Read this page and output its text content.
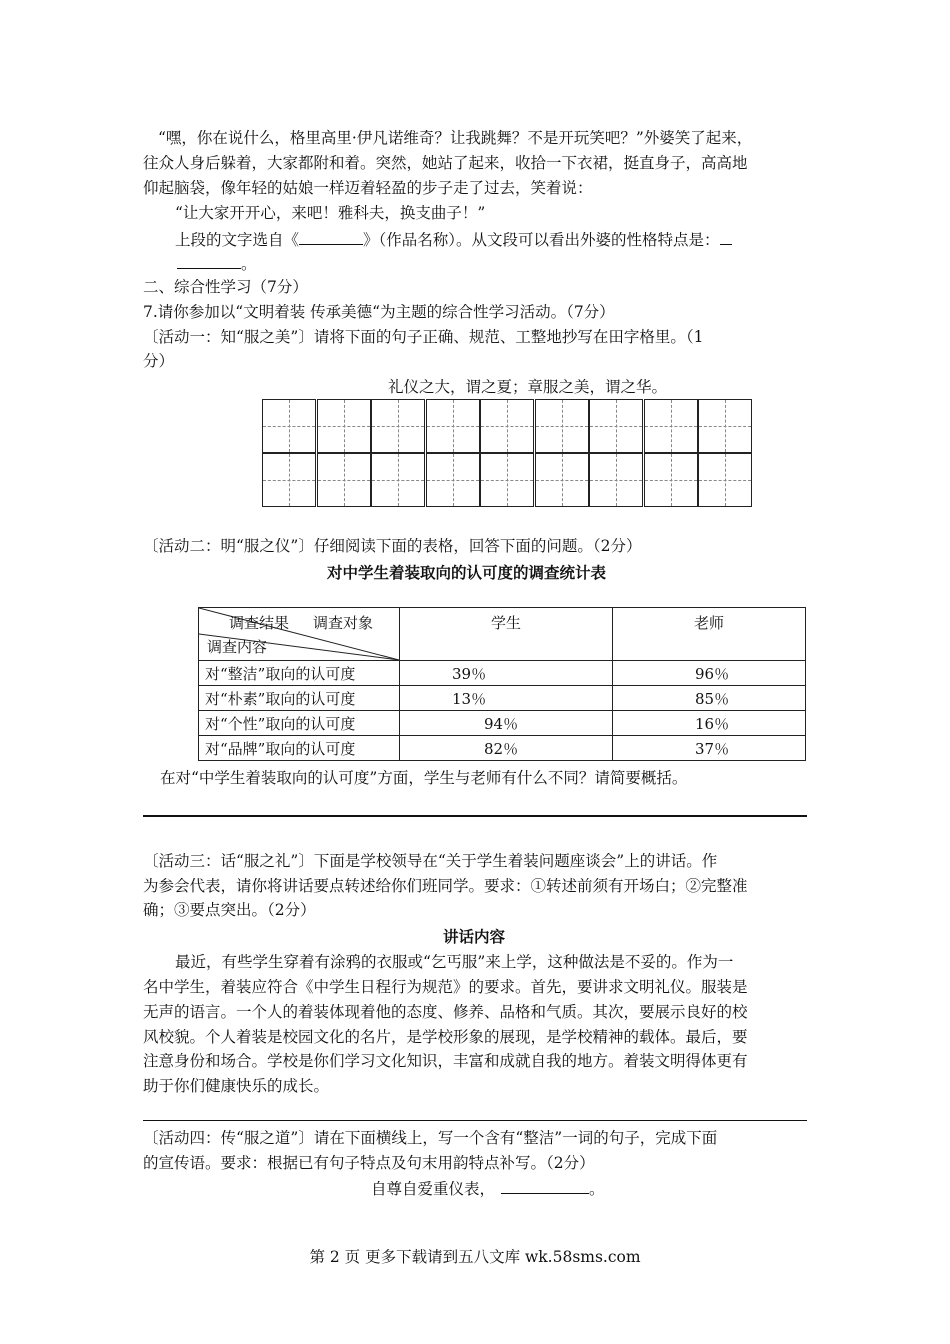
“嘿，你在说什么，格里高里·伊凡诺维奇？让我跳舞？不是开玩笑吧？”外婆笑了起来，
往众人身后躲着，大家都附和着。突然，她站了起来，收拾一下衣裙，挺直身子，高高地
仰起脑袋，像年轻的姑娘一样迈着轻盈的步子走了过去，笑着说：
“让大家开开心，来吧！雅科夫，换支曲子！”
上段的文字选自《	》（作品名称）。从文段可以看出外婆的性格特点是：
。
二、综合性学习（7分）
7.请你参加以“文明着装 传承美德“为主题的综合性学习活动。（7分）
〔活动一：知“服之美”〕请将下面的句子正确、规范、工整地抄写在田字格里。（1
分）
礼仪之大，谓之夏；章服之美，谓之华。
〔活动二：明“服之仪”〕仔细阅读下面的表格，回答下面的问题。（2分）
对中学生着装取向的认可度的调查统计表
调查结果 调查对象
调查内容	学生	老师
对“整洁”取向的认可度	39％	96％
对“朴素”取向的认可度	13％	85％
对“个性”取向的认可度	94％	16％
对“品牌”取向的认可度	82％	37％
在对“中学生着装取向的认可度”方面，学生与老师有什么不同？请简要概括。
〔活动三：话“服之礼”〕下面是学校领导在“关于学生着装问题座谈会”上的讲话。作
为参会代表，请你将讲话要点转述给你们班同学。要求：①转述前须有开场白；②完整准
确；③要点突出。（2分）
讲话内容
最近，有些学生穿着有涂鸦的衣服或“乞丐服”来上学，这种做法是不妥的。作为一
名中学生，着装应符合《中学生日程行为规范》的要求。首先，要讲求文明礼仪。服装是
无声的语言。一个人的着装体现着他的态度、修养、品格和气质。其次，要展示良好的校
风校貌。个人着装是校园文化的名片，是学校形象的展现，是学校精神的载体。最后，要
注意身份和场合。学校是你们学习文化知识，丰富和成就自我的地方。着装文明得体更有
助于你们健康快乐的成长。
〔活动四：传“服之道”〕请在下面横线上，写一个含有“整洁”一词的句子，完成下面
的宣传语。要求：根据已有句子特点及句末用韵特点补写。（2分）
自尊自爱重仪表，	。
第 2 页 更多下载请到五八文库 wk.58sms.com
